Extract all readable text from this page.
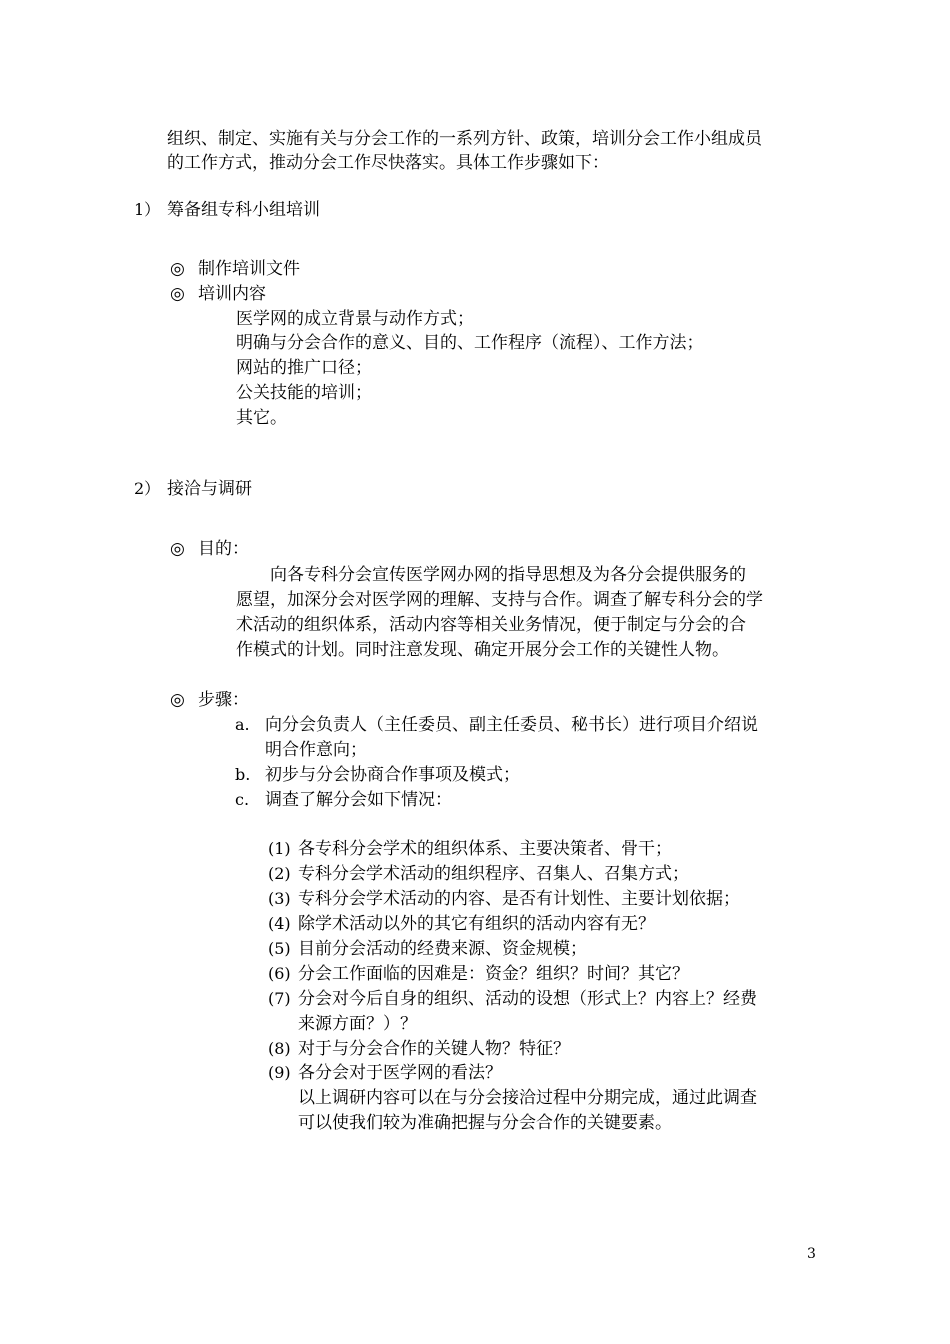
组织、制定、实施有关与分会工作的一系列方针、政策，培训分会工作小组成员
的工作方式，推动分会工作尽快落实。具体工作步骤如下：
1） 筹备组专科小组培训
◎ 制作培训文件
◎ 培训内容
医学网的成立背景与动作方式；
明确与分会合作的意义、目的、工作程序（流程）、工作方法；
网站的推广口径；
公关技能的培训；
其它。
2） 接洽与调研
◎ 目的：
向各专科分会宣传医学网办网的指导思想及为各分会提供服务的
愿望，加深分会对医学网的理解、支持与合作。调查了解专科分会的学
术活动的组织体系，活动内容等相关业务情况，便于制定与分会的合
作模式的计划。同时注意发现、确定开展分会工作的关键性人物。
◎ 步骤：
a. 向分会负责人（主任委员、副主任委员、秘书长）进行项目介绍说
明合作意向；
b. 初步与分会协商合作事项及模式；
c. 调查了解分会如下情况：
(1) 各专科分会学术的组织体系、主要决策者、骨干；
(2) 专科分会学术活动的组织程序、召集人、召集方式；
(3) 专科分会学术活动的内容、是否有计划性、主要计划依据；
(4) 除学术活动以外的其它有组织的活动内容有无？
(5) 目前分会活动的经费来源、资金规模；
(6) 分会工作面临的因难是：资金？组织？时间？其它？
(7) 分会对今后自身的组织、活动的设想（形式上？内容上？经费
来源方面？）？
(8) 对于与分会合作的关键人物？特征？
(9) 各分会对于医学网的看法？
以上调研内容可以在与分会接洽过程中分期完成，通过此调查
可以使我们较为准确把握与分会合作的关键要素。
3
